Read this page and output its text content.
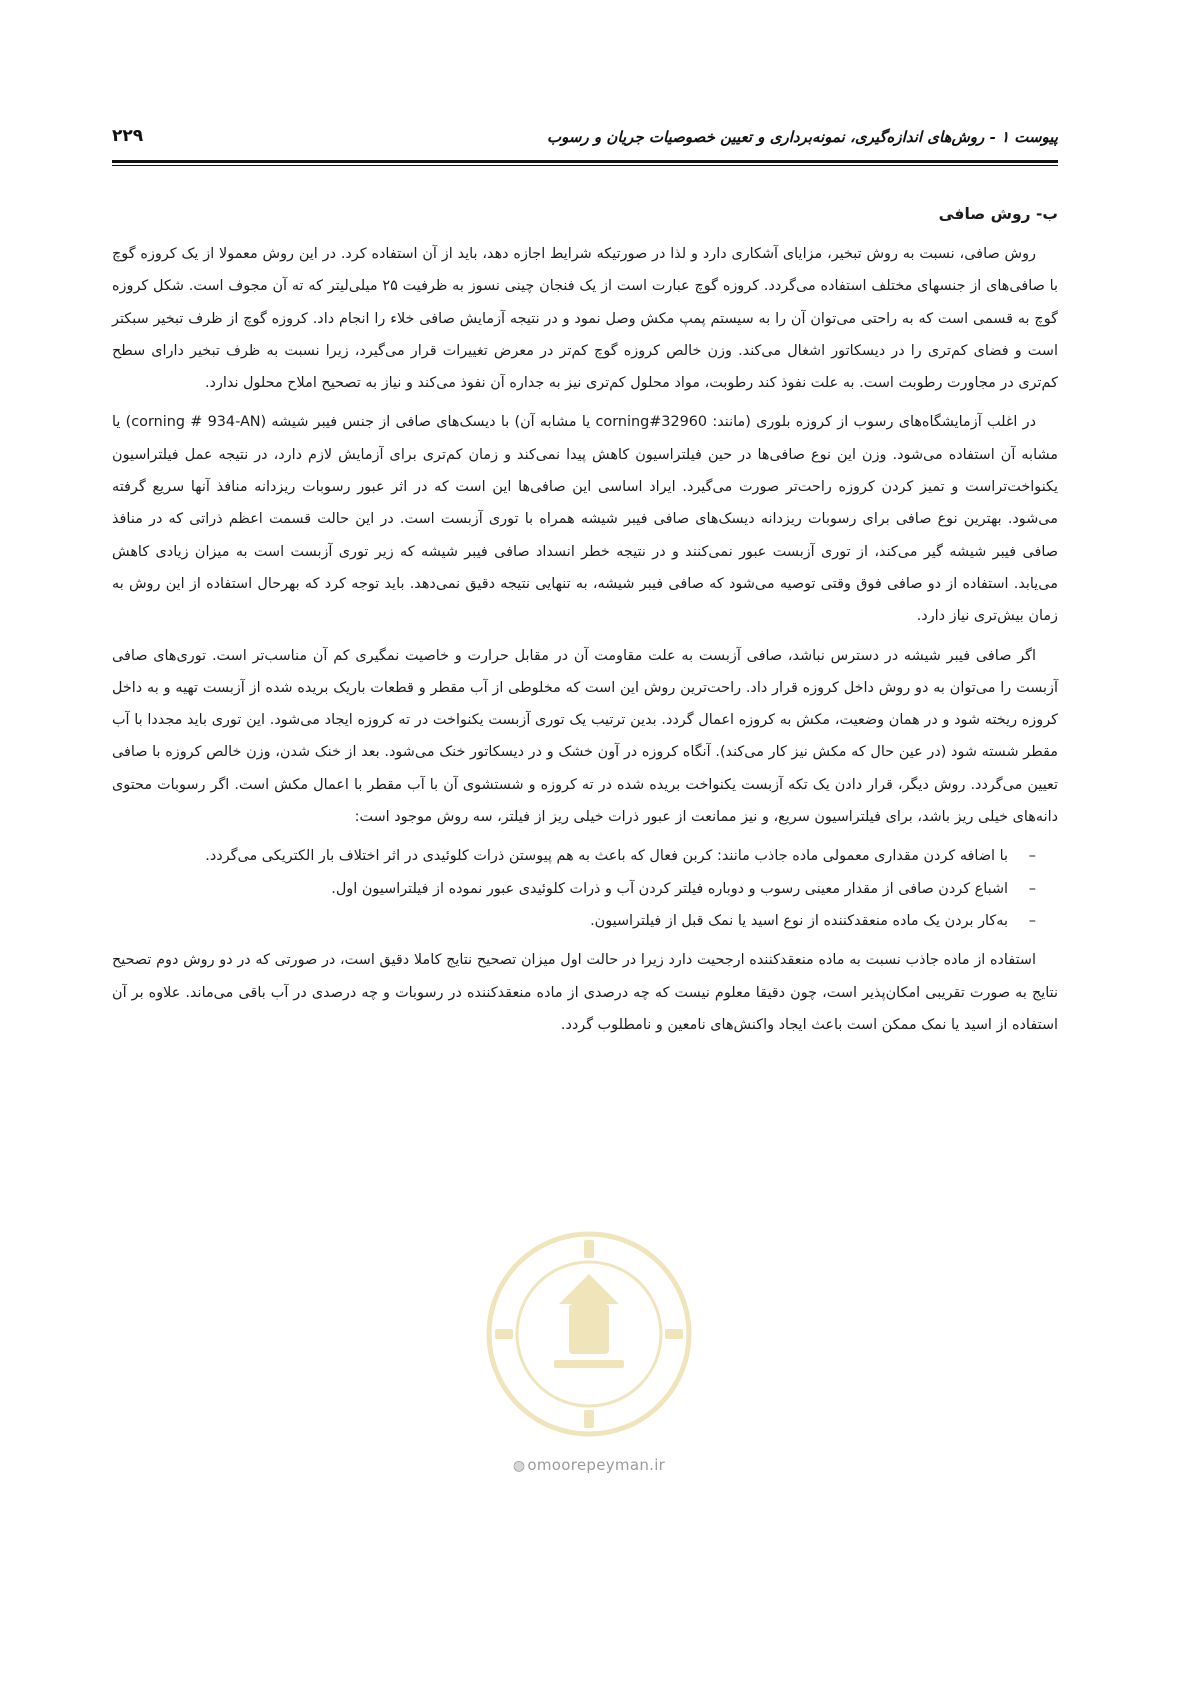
پیوست ۱ - روش‌های اندازه‌گیری، نمونه‌برداری و تعیین خصوصیات جریان و رسوب
۲۲۹
ب- روش صافی

روش صافی، نسبت به روش تبخیر، مزایای آشکاری دارد و لذا در صورتیکه شرایط اجازه دهد، باید از آن استفاده کرد. در این روش معمولا از یک کروزه گوچ با صافی‌های از جنسهای مختلف استفاده می‌گردد. کروزه گوچ عبارت است از یک فنجان چینی نسوز به ظرفیت ۲۵ میلی‌لیتر که ته آن مجوف است. شکل کروزه گوچ به قسمی است که به راحتی می‌توان آن را به سیستم پمپ مکش وصل نمود و در نتیجه آزمایش صافی خلاء را انجام داد. کروزه گوچ از ظرف تبخیر سبکتر است و فضای کم‌تری را در دیسکاتور اشغال می‌کند. وزن خالص کروزه گوچ کم‌تر در معرض تغییرات قرار می‌گیرد، زیرا نسبت به ظرف تبخیر دارای سطح کم‌تری در مجاورت رطوبت است. به علت نفوذ کند رطوبت، مواد محلول کم‌تری نیز به جداره آن نفوذ می‌کند و نیاز به تصحیح املاح محلول ندارد.

در اغلب آزمایشگاه‌های رسوب از کروزه بلوری (مانند: corning#32960 یا مشابه آن) با دیسک‌های صافی از جنس فیبر شیشه (corning # 934-AN) یا مشابه آن استفاده می‌شود. وزن این نوع صافی‌ها در حین فیلتراسیون کاهش پیدا نمی‌کند و زمان کم‌تری برای آزمایش لازم دارد، در نتیجه عمل فیلتراسیون یکنواخت‌تراست و تمیز کردن کروزه راحت‌تر صورت می‌گیرد. ایراد اساسی این صافی‌ها این است که در اثر عبور رسوبات ریزدانه منافذ آنها سریع گرفته می‌شود. بهترین نوع صافی برای رسوبات ریزدانه دیسک‌های صافی فیبر شیشه همراه با توری آزبست است. در این حالت قسمت اعظم ذراتی که در منافذ صافی فیبر شیشه گیر می‌کند، از توری آزبست عبور نمی‌کنند و در نتیجه خطر انسداد صافی فیبر شیشه که زیر توری آزبست است به میزان زیادی کاهش می‌یابد. استفاده از دو صافی فوق وقتی توصیه می‌شود که صافی فیبر شیشه، به تنهایی نتیجه دقیق نمی‌دهد. باید توجه کرد که بهرحال استفاده از این روش به زمان بیش‌تری نیاز دارد.

اگر صافی فیبر شیشه در دسترس نباشد، صافی آزبست به علت مقاومت آن در مقابل حرارت و خاصیت نمگیری کم آن مناسب‌تر است. توری‌های صافی آزبست را می‌توان به دو روش داخل کروزه قرار داد. راحت‌ترین روش این است که مخلوطی از آب مقطر و قطعات باریک بریده شده از آزبست تهیه و به داخل کروزه ریخته شود و در همان وضعیت، مکش به کروزه اعمال گردد. بدین ترتیب یک توری آزبست یکنواخت در ته کروزه ایجاد می‌شود. این توری باید مجددا با آب مقطر شسته شود (در عین حال که مکش نیز کار می‌کند). آنگاه کروزه در آون خشک و در دیسکاتور خنک می‌شود. بعد از خنک شدن، وزن خالص کروزه با صافی تعیین می‌گردد. روش دیگر، قرار دادن یک تکه آزبست یکنواخت بریده شده در ته کروزه و شستشوی آن با آب مقطر با اعمال مکش است. اگر رسوبات محتوی دانه‌های خیلی ریز باشد، برای فیلتراسیون سریع، و نیز ممانعت از عبور ذرات خیلی ریز از فیلتر، سه روش موجود است:

–
با اضافه کردن مقداری معمولی ماده جاذب مانند: کربن فعال که باعث به هم پیوستن ذرات کلوئیدی در اثر اختلاف بار الکتریکی می‌گردد.
–
اشباع کردن صافی از مقدار معینی رسوب و دوباره فیلتر کردن آب و ذرات کلوئیدی عبور نموده از فیلتراسیون اول.
–
به‌کار بردن یک ماده منعقدکننده از نوع اسید یا نمک قبل از فیلتراسیون.

استفاده از ماده جاذب نسبت به ماده منعقدکننده ارجحیت دارد زیرا در حالت اول میزان تصحیح نتایج کاملا دقیق است، در صورتی که در دو روش دوم تصحیح نتایج به صورت تقریبی امکان‌پذیر است، چون دقیقا معلوم نیست که چه درصدی از ماده منعقدکننده در رسوبات و چه درصدی در آب باقی می‌ماند. علاوه بر آن استفاده از اسید یا نمک ممکن است باعث ایجاد واکنش‌های نامعین و نامطلوب گردد.

◍ omoorepeyman.ir
